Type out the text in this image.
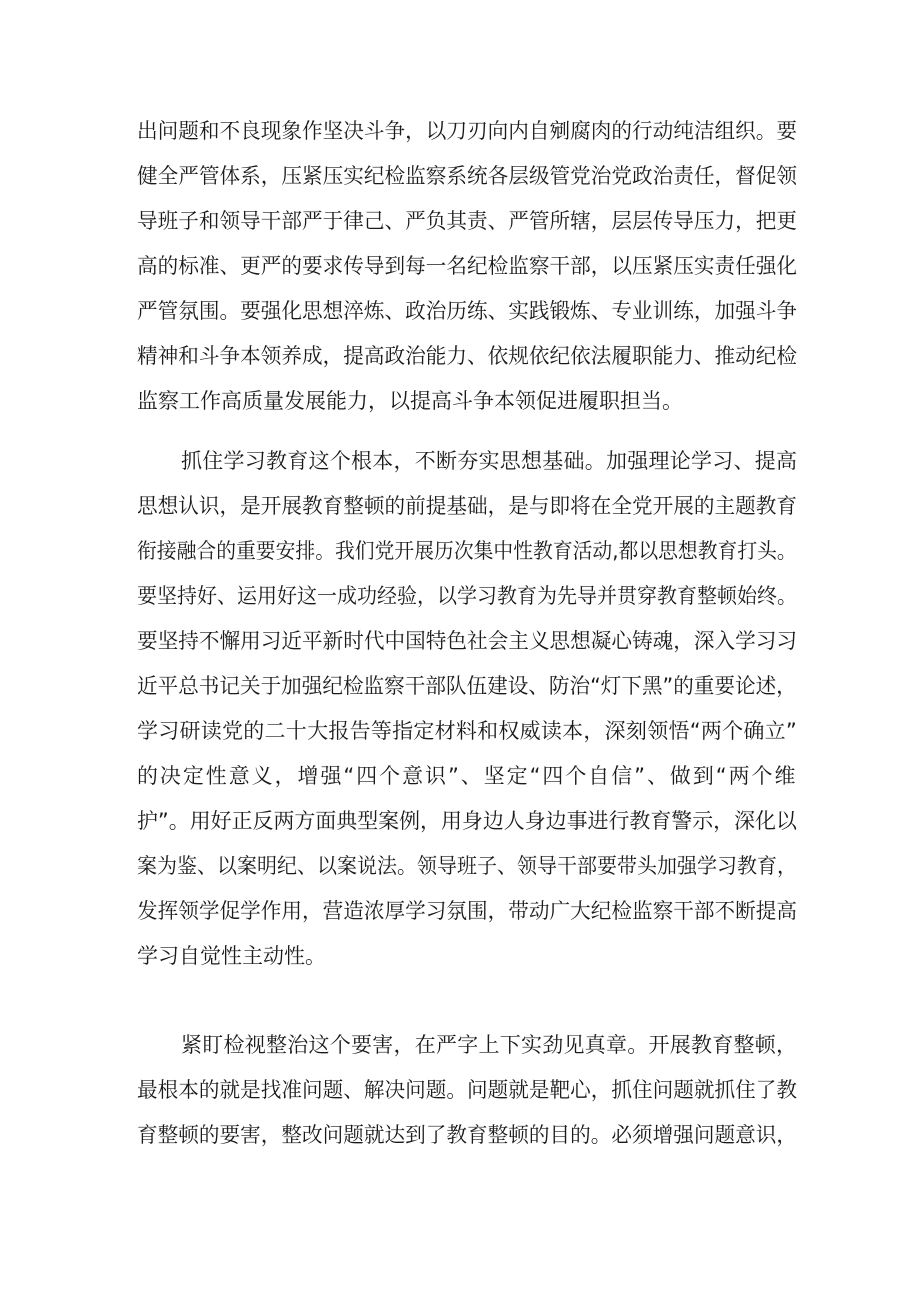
出问题和不良现象作坚决斗争，以刀刃向内自剜腐肉的行动纯洁组织。要
健全严管体系，压紧压实纪检监察系统各层级管党治党政治责任，督促领
导班子和领导干部严于律己、严负其责、严管所辖，层层传导压力，把更
高的标准、更严的要求传导到每一名纪检监察干部，以压紧压实责任强化
严管氛围。要强化思想淬炼、政治历练、实践锻炼、专业训练，加强斗争
精神和斗争本领养成，提高政治能力、依规依纪依法履职能力、推动纪检
监察工作高质量发展能力，以提高斗争本领促进履职担当。
抓住学习教育这个根本，不断夯实思想基础。加强理论学习、提高
思想认识，是开展教育整顿的前提基础，是与即将在全党开展的主题教育
衔接融合的重要安排。我们党开展历次集中性教育活动,都以思想教育打头。
要坚持好、运用好这一成功经验，以学习教育为先导并贯穿教育整顿始终。
要坚持不懈用习近平新时代中国特色社会主义思想凝心铸魂，深入学习习
近平总书记关于加强纪检监察干部队伍建设、防治“灯下黑”的重要论述，
学习研读党的二十大报告等指定材料和权威读本，深刻领悟“两个确立”
的决定性意义，增强“四个意识”、坚定“四个自信”、做到“两个维
护”。用好正反两方面典型案例，用身边人身边事进行教育警示，深化以
案为鉴、以案明纪、以案说法。领导班子、领导干部要带头加强学习教育，
发挥领学促学作用，营造浓厚学习氛围，带动广大纪检监察干部不断提高
学习自觉性主动性。
紧盯检视整治这个要害，在严字上下实劲见真章。开展教育整顿，
最根本的就是找准问题、解决问题。问题就是靶心，抓住问题就抓住了教
育整顿的要害，整改问题就达到了教育整顿的目的。必须增强问题意识，
